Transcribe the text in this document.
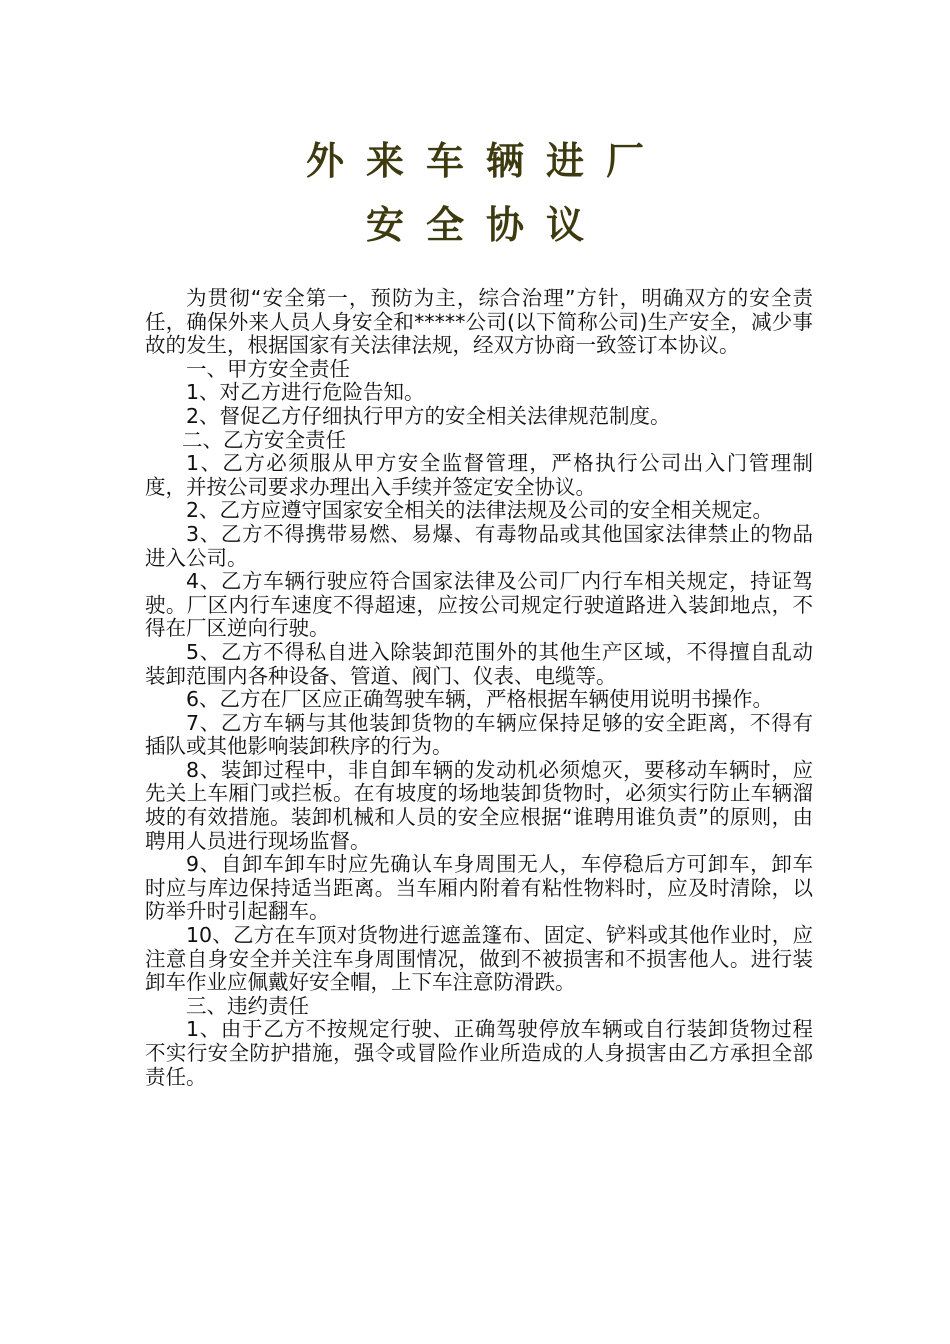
外来车辆进厂
安全协议

为贯彻“安全第一，预防为主，综合治理”方针，明确双方的安全责任，确保外来人员人身安全和*****公司(以下简称公司)生产安全，减少事故的发生，根据国家有关法律法规，经双方协商一致签订本协议。

一、甲方安全责任

1、对乙方进行危险告知。

2、督促乙方仔细执行甲方的安全相关法律规范制度。

二、乙方安全责任

1、乙方必须服从甲方安全监督管理，严格执行公司出入门管理制度，并按公司要求办理出入手续并签定安全协议。

2、乙方应遵守国家安全相关的法律法规及公司的安全相关规定。

3、乙方不得携带易燃、易爆、有毒物品或其他国家法律禁止的物品进入公司。

4、乙方车辆行驶应符合国家法律及公司厂内行车相关规定，持证驾驶。厂区内行车速度不得超速，应按公司规定行驶道路进入装卸地点，不得在厂区逆向行驶。

5、乙方不得私自进入除装卸范围外的其他生产区域，不得擅自乱动装卸范围内各种设备、管道、阀门、仪表、电缆等。

6、乙方在厂区应正确驾驶车辆，严格根据车辆使用说明书操作。

7、乙方车辆与其他装卸货物的车辆应保持足够的安全距离，不得有插队或其他影响装卸秩序的行为。

8、装卸过程中，非自卸车辆的发动机必须熄灭，要移动车辆时，应先关上车厢门或拦板。在有坡度的场地装卸货物时，必须实行防止车辆溜坡的有效措施。装卸机械和人员的安全应根据“谁聘用谁负责”的原则，由聘用人员进行现场监督。

9、自卸车卸车时应先确认车身周围无人，车停稳后方可卸车，卸车时应与库边保持适当距离。当车厢内附着有粘性物料时，应及时清除，以防举升时引起翻车。

10、乙方在车顶对货物进行遮盖篷布、固定、铲料或其他作业时，应注意自身安全并关注车身周围情况，做到不被损害和不损害他人。进行装卸车作业应佩戴好安全帽，上下车注意防滑跌。

三、违约责任

1、由于乙方不按规定行驶、正确驾驶停放车辆或自行装卸货物过程不实行安全防护措施，强令或冒险作业所造成的人身损害由乙方承担全部责任。
